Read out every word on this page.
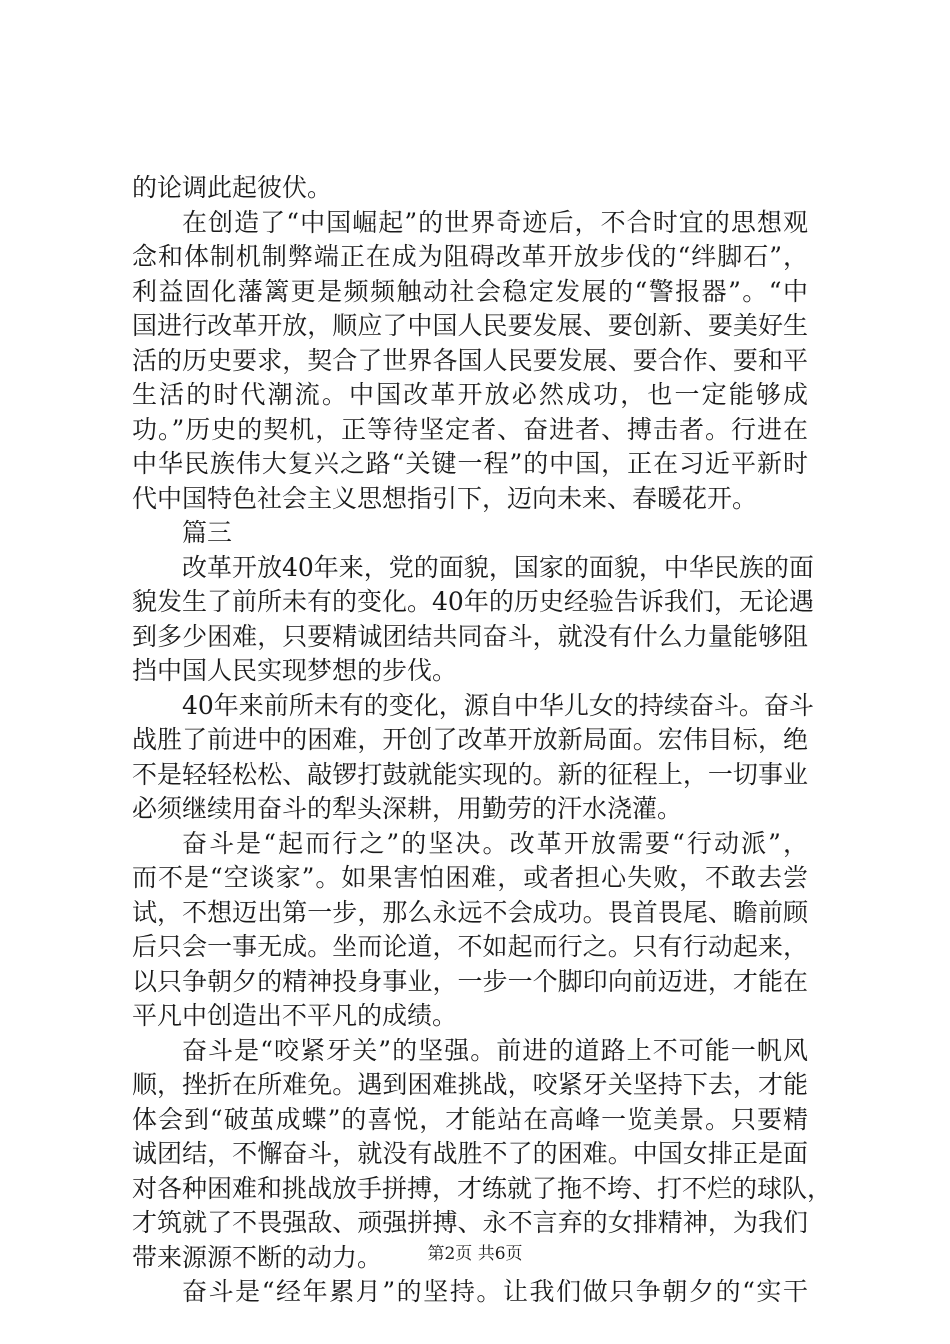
的论调此起彼伏。
在创造了“中国崛起”的世界奇迹后，不合时宜的思想观
念和体制机制弊端正在成为阻碍改革开放步伐的“绊脚石”，
利益固化藩篱更是频频触动社会稳定发展的“警报器”。“中
国进行改革开放，顺应了中国人民要发展、要创新、要美好生
活的历史要求，契合了世界各国人民要发展、要合作、要和平
生活的时代潮流。中国改革开放必然成功，也一定能够成
功。”历史的契机，正等待坚定者、奋进者、搏击者。行进在
中华民族伟大复兴之路“关键一程”的中国，正在习近平新时
代中国特色社会主义思想指引下，迈向未来、春暖花开。
篇三
改革开放40年来，党的面貌，国家的面貌，中华民族的面
貌发生了前所未有的变化。40年的历史经验告诉我们，无论遇
到多少困难，只要精诚团结共同奋斗，就没有什么力量能够阻
挡中国人民实现梦想的步伐。
40年来前所未有的变化，源自中华儿女的持续奋斗。奋斗
战胜了前进中的困难，开创了改革开放新局面。宏伟目标，绝
不是轻轻松松、敲锣打鼓就能实现的。新的征程上，一切事业
必须继续用奋斗的犁头深耕，用勤劳的汗水浇灌。
奋斗是“起而行之”的坚决。改革开放需要“行动派”，
而不是“空谈家”。如果害怕困难，或者担心失败，不敢去尝
试，不想迈出第一步，那么永远不会成功。畏首畏尾、瞻前顾
后只会一事无成。坐而论道，不如起而行之。只有行动起来，
以只争朝夕的精神投身事业，一步一个脚印向前迈进，才能在
平凡中创造出不平凡的成绩。
奋斗是“咬紧牙关”的坚强。前进的道路上不可能一帆风
顺，挫折在所难免。遇到困难挑战，咬紧牙关坚持下去，才能
体会到“破茧成蝶”的喜悦，才能站在高峰一览美景。只要精
诚团结，不懈奋斗，就没有战胜不了的困难。中国女排正是面
对各种困难和挑战放手拼搏，才练就了拖不垮、打不烂的球队，
才筑就了不畏强敌、顽强拼搏、永不言弃的女排精神，为我们
带来源源不断的动力。
奋斗是“经年累月”的坚持。让我们做只争朝夕的“实干
第2页 共6页
